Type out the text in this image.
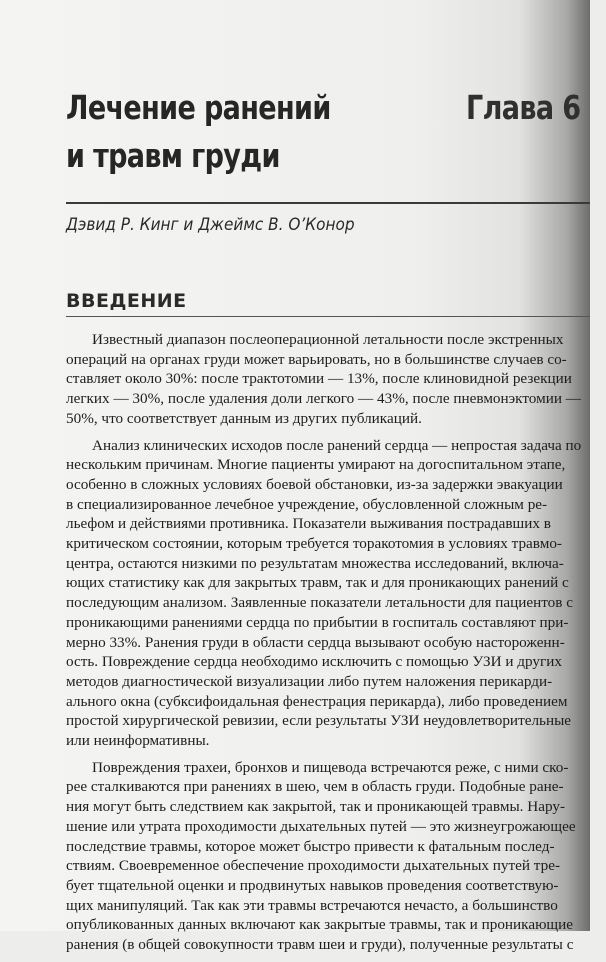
Лечение ранений
и травм груди
Глава 6
Дэвид Р. Кинг и Джеймс В. О’Конор
ВВЕДЕНИЕ

Известный диапазон послеоперационной летальности после экстренных
операций на органах груди может варьировать, но в большинстве случаев со-
ставляет около 30%: после трактотомии — 13%, после клиновидной резекции
легких — 30%, после удаления доли легкого — 43%, после пневмонэктомии —
50%, что соответствует данным из других публикаций.

Анализ клинических исходов после ранений сердца — непростая задача по
нескольким причинам. Многие пациенты умирают на догоспитальном этапе,
особенно в сложных условиях боевой обстановки, из-за задержки эвакуации
в специализированное лечебное учреждение, обусловленной сложным ре-
льефом и действиями противника. Показатели выживания пострадавших в
критическом состоянии, которым требуется торакотомия в условиях травмо-
центра, остаются низкими по результатам множества исследований, включа-
ющих статистику как для закрытых травм, так и для проникающих ранений с
последующим анализом. Заявленные показатели летальности для пациентов с
проникающими ранениями сердца по прибытии в госпиталь составляют при-
мерно 33%. Ранения груди в области сердца вызывают особую настороженн-
ость. Повреждение сердца необходимо исключить с помощью УЗИ и других
методов диагностической визуализации либо путем наложения перикарди-
ального окна (субксифоидальная фенестрация перикарда), либо проведением
простой хирургической ревизии, если результаты УЗИ неудовлетворительные
или неинформативны.

Повреждения трахеи, бронхов и пищевода встречаются реже, с ними ско-
рее сталкиваются при ранениях в шею, чем в область груди. Подобные ране-
ния могут быть следствием как закрытой, так и проникающей травмы. Нару-
шение или утрата проходимости дыхательных путей — это жизнеугрожающее
последствие травмы, которое может быстро привести к фатальным послед-
ствиям. Своевременное обеспечение проходимости дыхательных путей тре-
бует тщательной оценки и продвинутых навыков проведения соответствую-
щих манипуляций. Так как эти травмы встречаются нечасто, а большинство
опубликованных данных включают как закрытые травмы, так и проникающие
ранения (в общей совокупности травм шеи и груди), полученные результаты с
